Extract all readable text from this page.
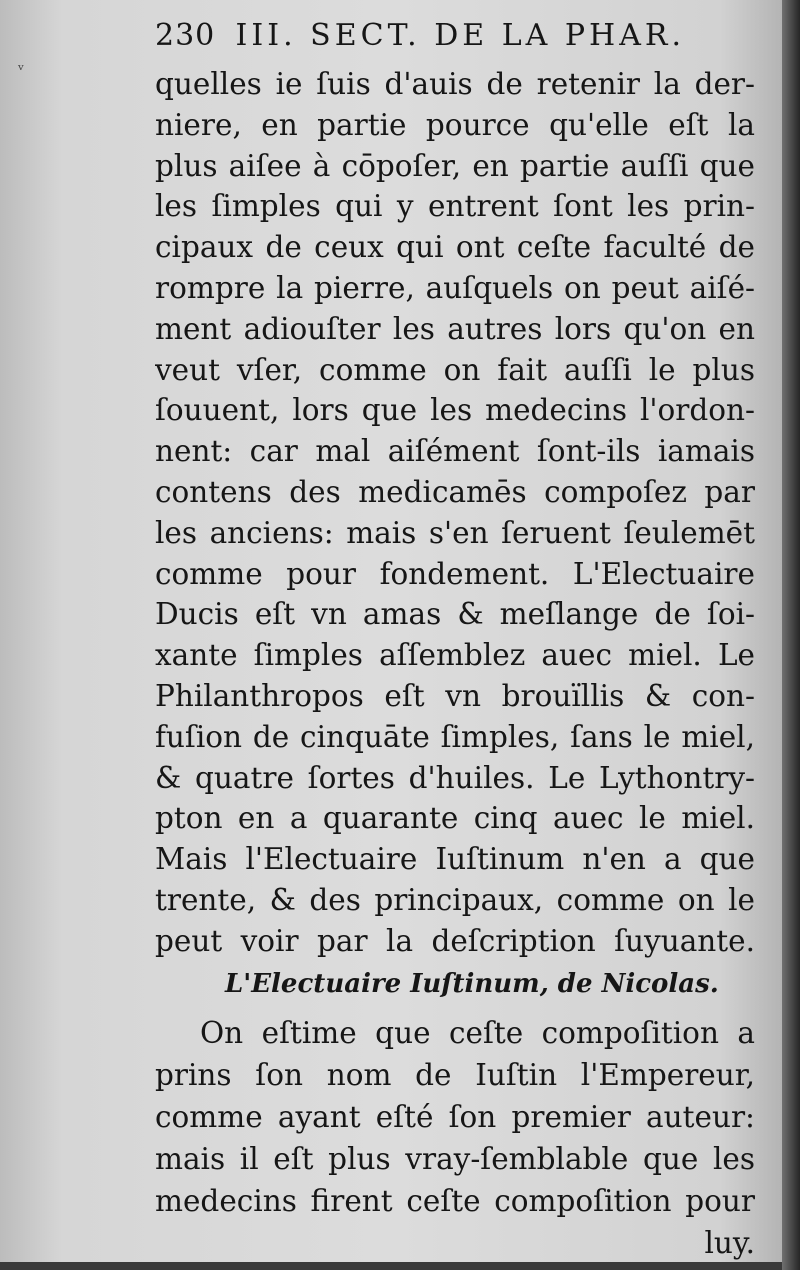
ᵛ
230 III. SECT. DE LA PHAR.
quelles ie ſuis d'auis de retenir la der-
niere, en partie pource qu'elle eſt la
plus aiſee à cōpoſer, en partie auſſi que
les ſimples qui y entrent ſont les prin-
cipaux de ceux qui ont ceſte faculté de
rompre la pierre, auſquels on peut aiſé-
ment adiouſter les autres lors qu'on en
veut vſer, comme on fait auſſi le plus
ſouuent, lors que les medecins l'ordon-
nent: car mal aiſément ſont-ils iamais
contens des medicamēs compoſez par
les anciens: mais s'en ſeruent ſeulemēt
comme pour fondement. L'Electuaire
Ducis eſt vn amas & meſlange de ſoi-
xante ſimples aſſemblez auec miel. Le
Philanthropos eſt vn brouïllis & con-
fuſion de cinquāte ſimples, ſans le miel,
& quatre ſortes d'huiles. Le Lythontry-
pton en a quarante cinq auec le miel.
Mais l'Electuaire Iuſtinum n'en a que
trente, & des principaux, comme on le
peut voir par la deſcription ſuyuante.
L'Electuaire Iuſtinum, de Nicolas.
On eſtime que ceſte compoſition a
prins ſon nom de Iuſtin l'Empereur,
comme ayant eſté ſon premier auteur:
mais il eſt plus vray-ſemblable que les
medecins firent ceſte compoſition pour
luy.
